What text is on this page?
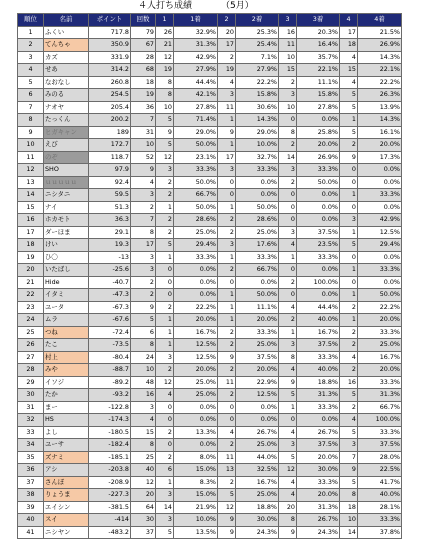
４人打ち成績	（5月）
順位	名前	ポイント	回数	1	1着	2	2着	3	3着	4	4着
1	ふくい	717.8	79	26	32.9%	20	25.3%	16	20.3%	17	21.5%
2	てんちゃ	350.9	67	21	31.3%	17	25.4%	11	16.4%	18	26.9%
3	カズ	331.9	28	12	42.9%	2	7.1%	10	35.7%	4	14.3%
4	せあ	314.2	68	19	27.9%	19	27.9%	15	22.1%	15	22.1%
5	なおなし	260.8	18	8	44.4%	4	22.2%	2	11.1%	4	22.2%
6	みのる	254.5	19	8	42.1%	3	15.8%	3	15.8%	5	26.3%
7	ナオヤ	205.4	36	10	27.8%	11	30.6%	10	27.8%	5	13.9%
8	たっくん	200.2	7	5	71.4%	1	14.3%	0	0.0%	1	14.3%
9	ヒガキャン	189	31	9	29.0%	9	29.0%	8	25.8%	5	16.1%
10	えび	172.7	10	5	50.0%	1	10.0%	2	20.0%	2	20.0%
11	のぞ	118.7	52	12	23.1%	17	32.7%	14	26.9%	9	17.3%
12	SHO	97.9	9	3	33.3%	3	33.3%	3	33.3%	0	0.0%
13	ｕｕｕｕｕ	92.4	4	2	50.0%	0	0.0%	2	50.0%	0	0.0%
14	ニシタニ	59.5	3	2	66.7%	0	0.0%	0	0.0%	1	33.3%
15	ナイ	51.3	2	1	50.0%	1	50.0%	0	0.0%	0	0.0%
16	ホカモト	36.3	7	2	28.6%	2	28.6%	0	0.0%	3	42.9%
17	ダーほま	29.1	8	2	25.0%	2	25.0%	3	37.5%	1	12.5%
18	けい	19.3	17	5	29.4%	3	17.6%	4	23.5%	5	29.4%
19	ひ〇	-13	3	1	33.3%	1	33.3%	1	33.3%	0	0.0%
20	いたばし	-25.6	3	0	0.0%	2	66.7%	0	0.0%	1	33.3%
21	Hide	-40.7	2	0	0.0%	0	0.0%	2	100.0%	0	0.0%
22	イタミ	-47.3	2	0	0.0%	1	50.0%	0	0.0%	1	50.0%
23	ユータ	-67.3	9	2	22.2%	1	11.1%	4	44.4%	2	22.2%
24	ムラ	-67.6	5	1	20.0%	1	20.0%	2	40.0%	1	20.0%
25	つね	-72.4	6	1	16.7%	2	33.3%	1	16.7%	2	33.3%
26	たこ	-73.5	8	1	12.5%	2	25.0%	3	37.5%	2	25.0%
27	村上	-80.4	24	3	12.5%	9	37.5%	8	33.3%	4	16.7%
28	みや	-88.7	10	2	20.0%	2	20.0%	4	40.0%	2	20.0%
29	イソジ	-89.2	48	12	25.0%	11	22.9%	9	18.8%	16	33.3%
30	たか	-93.2	16	4	25.0%	2	12.5%	5	31.3%	5	31.3%
31	まー	-122.8	3	0	0.0%	0	0.0%	1	33.3%	2	66.7%
32	HS	-174.3	4	0	0.0%	0	0.0%	0	0.0%	4	100.0%
33	よし	-180.5	15	2	13.3%	4	26.7%	4	26.7%	5	33.3%
34	ユーサ	-182.4	8	0	0.0%	2	25.0%	3	37.5%	3	37.5%
35	ズナミ	-185.1	25	2	8.0%	11	44.0%	5	20.0%	7	28.0%
36	アシ	-203.8	40	6	15.0%	13	32.5%	12	30.0%	9	22.5%
37	さんぼ	-208.9	12	1	8.3%	2	16.7%	4	33.3%	5	41.7%
38	りょうま	-227.3	20	3	15.0%	5	25.0%	4	20.0%	8	40.0%
39	エイシン	-381.5	64	14	21.9%	12	18.8%	20	31.3%	18	28.1%
40	スイ	-414	30	3	10.0%	9	30.0%	8	26.7%	10	33.3%
41	ニシヤン	-483.2	37	5	13.5%	9	24.3%	9	24.3%	14	37.8%
